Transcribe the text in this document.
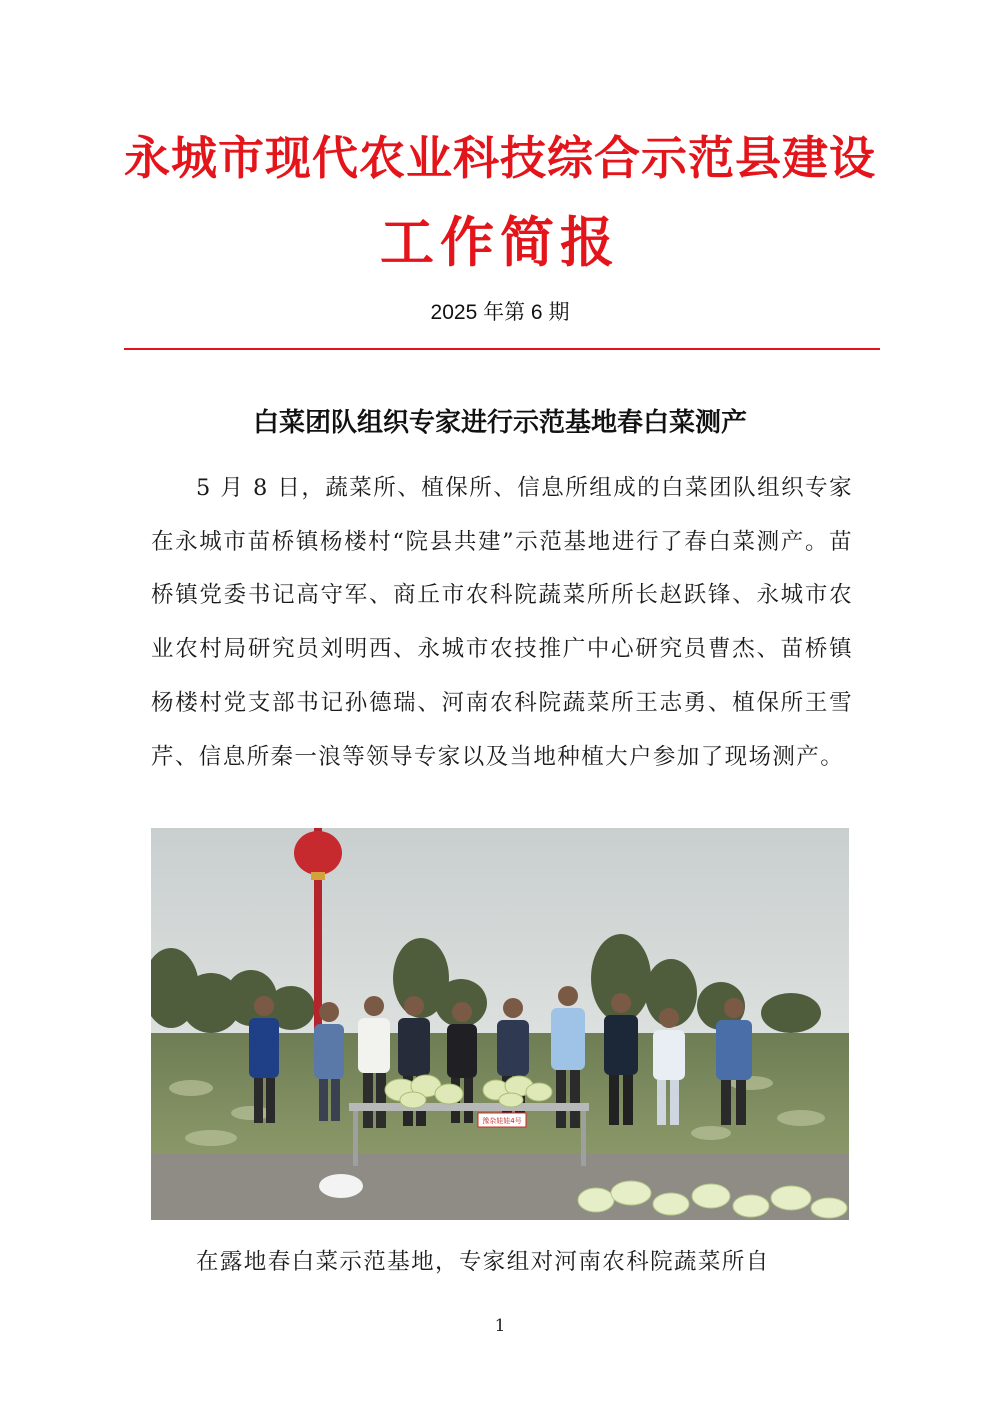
永城市现代农业科技综合示范县建设
工作简报
2025 年第 6 期
白菜团队组织专家进行示范基地春白菜测产

5 月 8 日，蔬菜所、植保所、信息所组成的白菜团队组织专家在永城市苗桥镇杨楼村“院县共建”示范基地进行了春白菜测产。苗桥镇党委书记高守军、商丘市农科院蔬菜所所长赵跃锋、永城市农业农村局研究员刘明西、永城市农技推广中心研究员曹杰、苗桥镇杨楼村党支部书记孙德瑞、河南农科院蔬菜所王志勇、植保所王雪芹、信息所秦一浪等领导专家以及当地种植大户参加了现场测产。

豫杂娃娃4号

在露地春白菜示范基地，专家组对河南农科院蔬菜所自

1
